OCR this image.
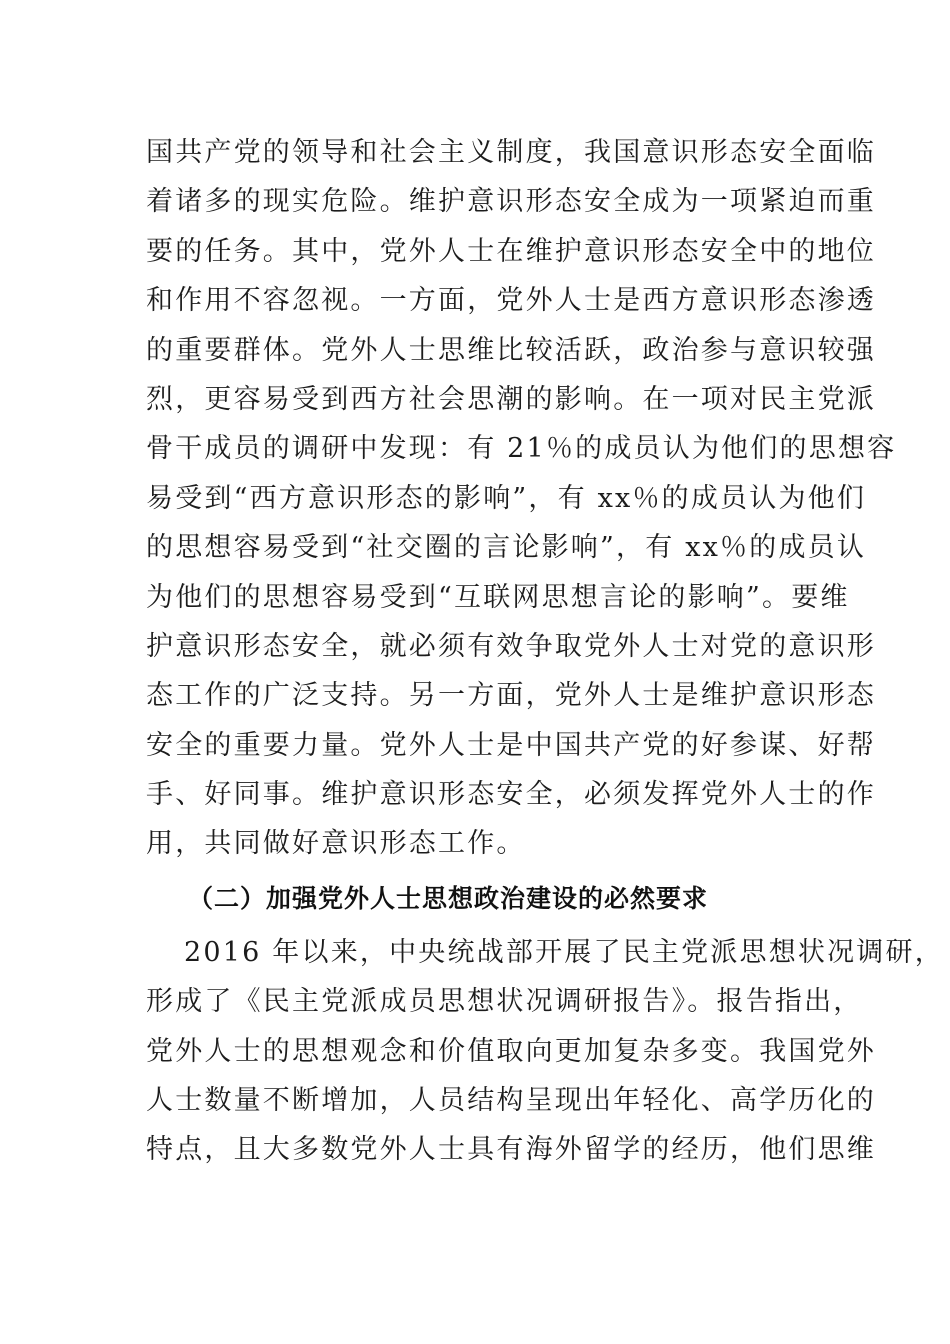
国共产党的领导和社会主义制度，我国意识形态安全面临
着诸多的现实危险。维护意识形态安全成为一项紧迫而重
要的任务。其中，党外人士在维护意识形态安全中的地位
和作用不容忽视。一方面，党外人士是西方意识形态渗透
的重要群体。党外人士思维比较活跃，政治参与意识较强
烈，更容易受到西方社会思潮的影响。在一项对民主党派
骨干成员的调研中发现：有 21％的成员认为他们的思想容
易受到“西方意识形态的影响”，有 xx％的成员认为他们
的思想容易受到“社交圈的言论影响”，有 xx％的成员认
为他们的思想容易受到“互联网思想言论的影响”。要维
护意识形态安全，就必须有效争取党外人士对党的意识形
态工作的广泛支持。另一方面，党外人士是维护意识形态
安全的重要力量。党外人士是中国共产党的好参谋、好帮
手、好同事。维护意识形态安全，必须发挥党外人士的作
用，共同做好意识形态工作。
（二）加强党外人士思想政治建设的必然要求
2016 年以来，中央统战部开展了民主党派思想状况调研，
形成了《民主党派成员思想状况调研报告》。报告指出，
党外人士的思想观念和价值取向更加复杂多变。我国党外
人士数量不断增加，人员结构呈现出年轻化、高学历化的
特点，且大多数党外人士具有海外留学的经历，他们思维
